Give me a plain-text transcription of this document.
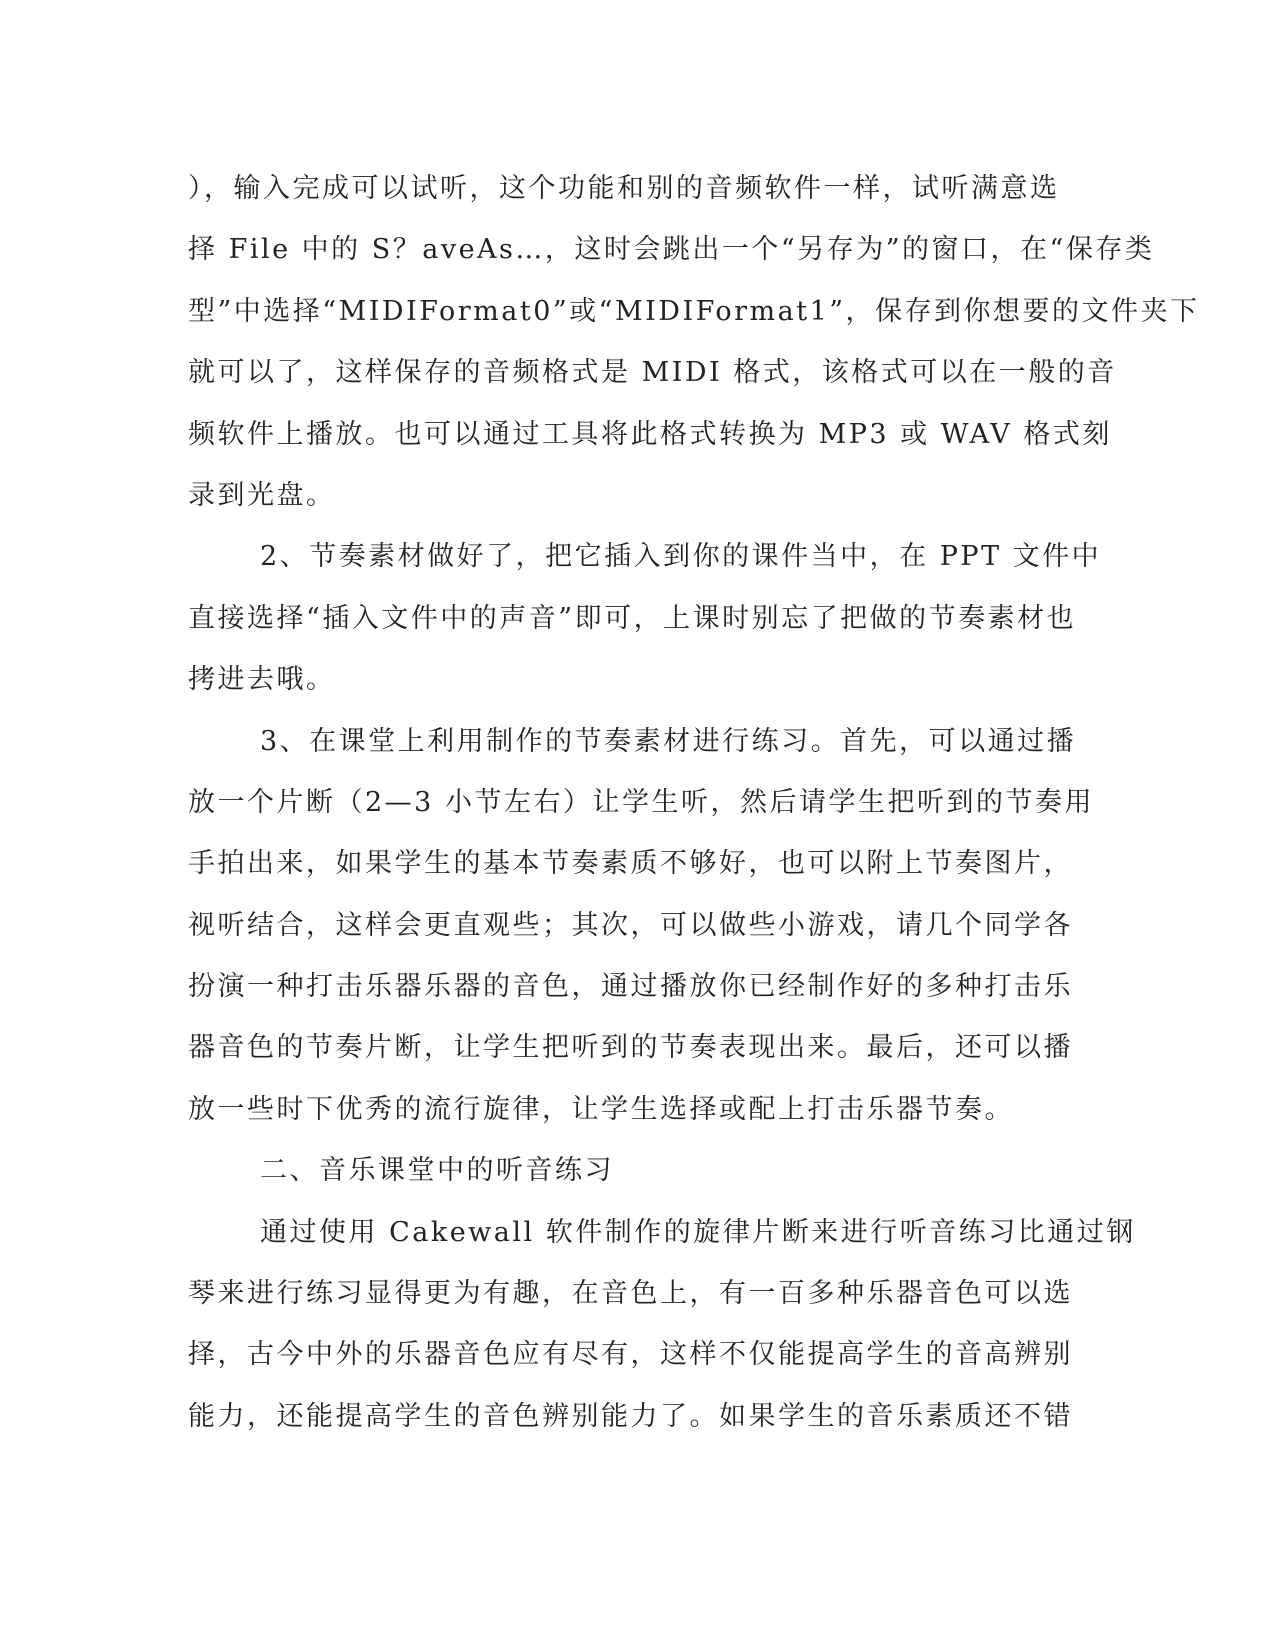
），输入完成可以试听，这个功能和别的音频软件一样，试听满意选
择 File 中的 S？aveAs…，这时会跳出一个“另存为”的窗口，在“保存类
型”中选择“MIDIFormat0”或“MIDIFormat1”，保存到你想要的文件夹下
就可以了，这样保存的音频格式是 MIDI 格式，该格式可以在一般的音
频软件上播放。也可以通过工具将此格式转换为 MP3 或 WAV 格式刻
录到光盘。
2、节奏素材做好了，把它插入到你的课件当中，在 PPT 文件中
直接选择“插入文件中的声音”即可，上课时别忘了把做的节奏素材也
拷进去哦。
3、在课堂上利用制作的节奏素材进行练习。首先，可以通过播
放一个片断（2—3 小节左右）让学生听，然后请学生把听到的节奏用
手拍出来，如果学生的基本节奏素质不够好，也可以附上节奏图片，
视听结合，这样会更直观些；其次，可以做些小游戏，请几个同学各
扮演一种打击乐器乐器的音色，通过播放你已经制作好的多种打击乐
器音色的节奏片断，让学生把听到的节奏表现出来。最后，还可以播
放一些时下优秀的流行旋律，让学生选择或配上打击乐器节奏。
二、音乐课堂中的听音练习
通过使用 Cakewall 软件制作的旋律片断来进行听音练习比通过钢
琴来进行练习显得更为有趣，在音色上，有一百多种乐器音色可以选
择，古今中外的乐器音色应有尽有，这样不仅能提高学生的音高辨别
能力，还能提高学生的音色辨别能力了。如果学生的音乐素质还不错
